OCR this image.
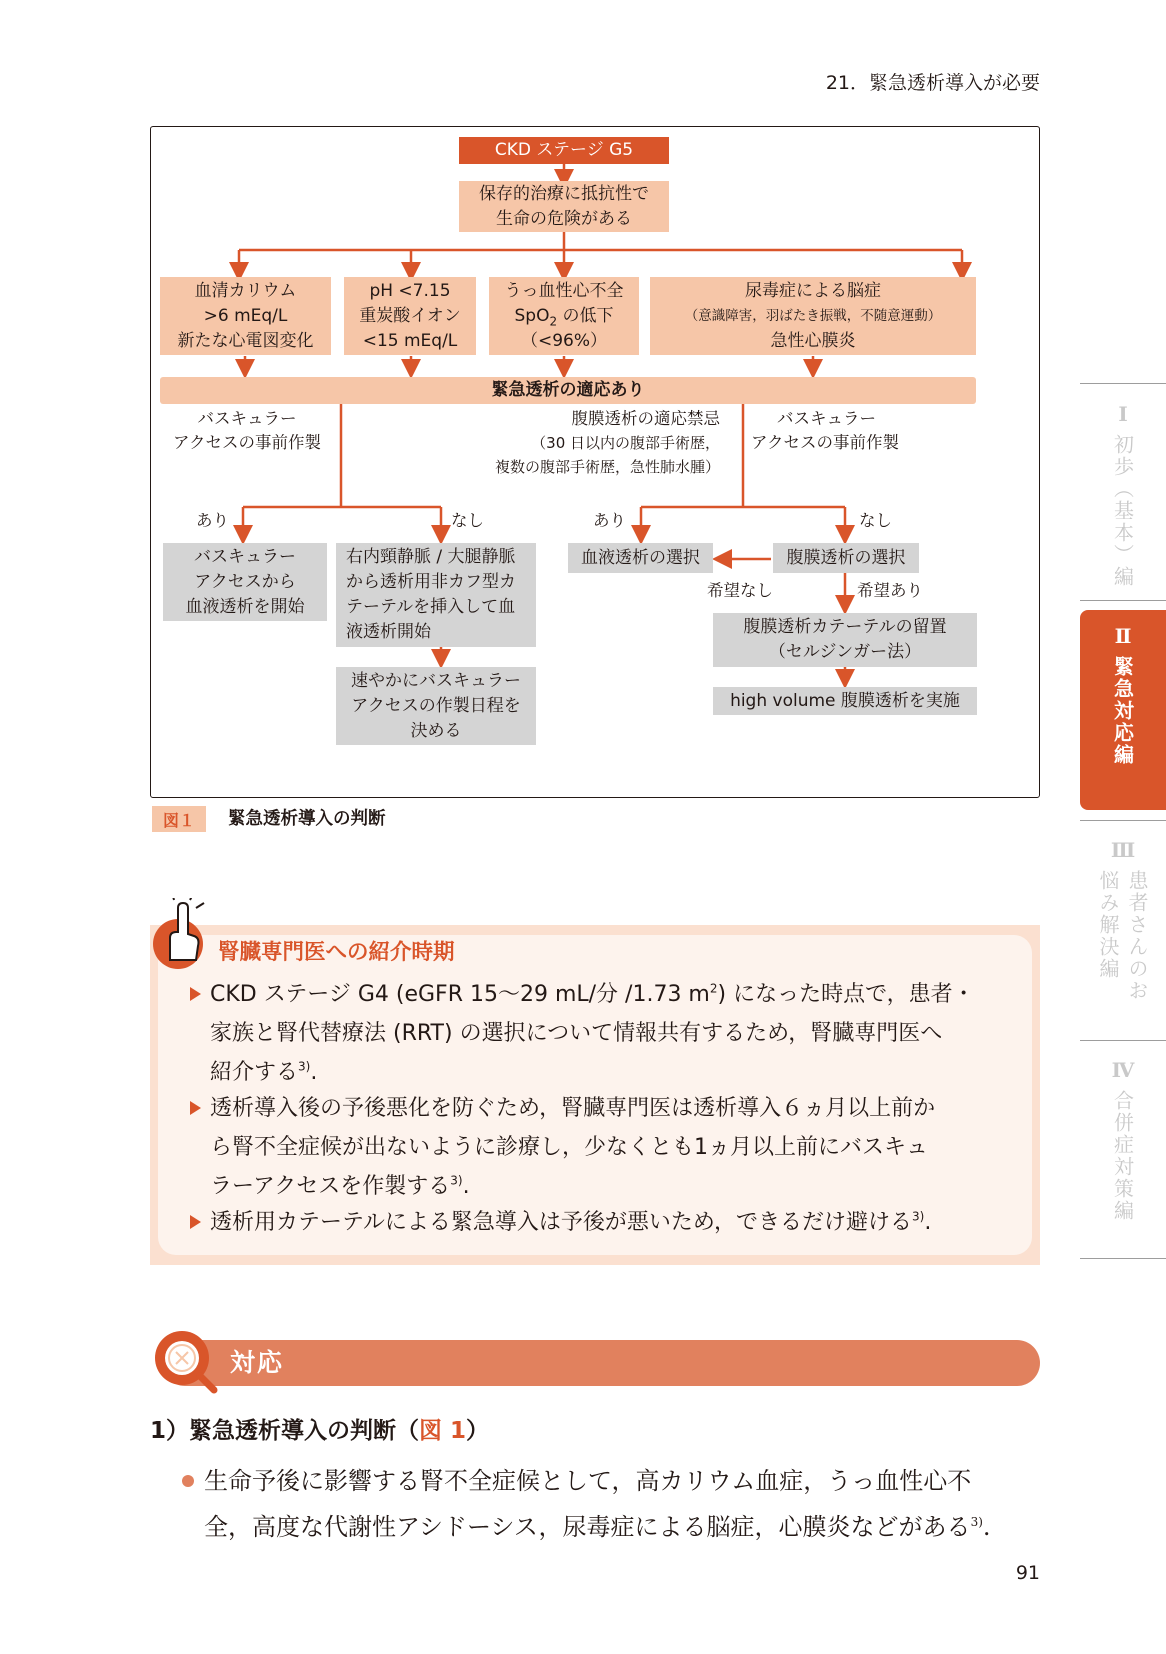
21．緊急透析導入が必要
CKD ステージ G5
保存的治療に抵抗性で
生命の危険がある
血清カリウム
>6 mEq/L
新たな心電図変化
pH <7.15
重炭酸イオン
<15 mEq/L
うっ血性心不全
SpO$_2$ の低下
（<96%）
尿毒症による脳症
（意識障害，羽ばたき振戦，不随意運動）
急性心膜炎
緊急透析の適応あり
バスキュラー
アクセスの事前作製
腹膜透析の適応禁忌
（30 日以内の腹部手術歴，
複数の腹部手術歴，急性肺水腫）
バスキュラー
アクセスの事前作製
あり	なし	あり	なし
バスキュラー
アクセスから
血液透析を開始
右内頸静脈 / 大腿静脈
から透析用非カフ型カ
テーテルを挿入して血
液透析開始
速やかにバスキュラー
アクセスの作製日程を
決める
血液透析の選択	腹膜透析の選択
希望なし	希望あり
腹膜透析カテーテルの留置
（セルジンガー法）
high volume 腹膜透析を実施
図１	緊急透析導入の判断
Ⅰ
初歩（基本）編
Ⅱ
緊急対応編
Ⅲ
患者さんのお悩み解決編
Ⅳ
合併症対策編
腎臓専門医への紹介時期
CKD ステージ G4 (eGFR 15～29 mL/分 /1.73 $m^2$) になった時点で，患者・
家族と腎代替療法 (RRT) の選択について情報共有するため，腎臓専門医へ
紹介する$^{3)}$.
透析導入後の予後悪化を防ぐため，腎臓専門医は透析導入６ヵ月以上前か
ら腎不全症候が出ないように診療し，少なくとも1ヵ月以上前にバスキュ
ラーアクセスを作製する$^{3)}$.
透析用カテーテルによる緊急導入は予後が悪いため，できるだけ避ける$^{3)}$.
対応
1）緊急透析導入の判断（図 1）
生命予後に影響する腎不全症候として，高カリウム血症，うっ血性心不
全，高度な代謝性アシドーシス，尿毒症による脳症，心膜炎などがある$^{3)}$.
91
